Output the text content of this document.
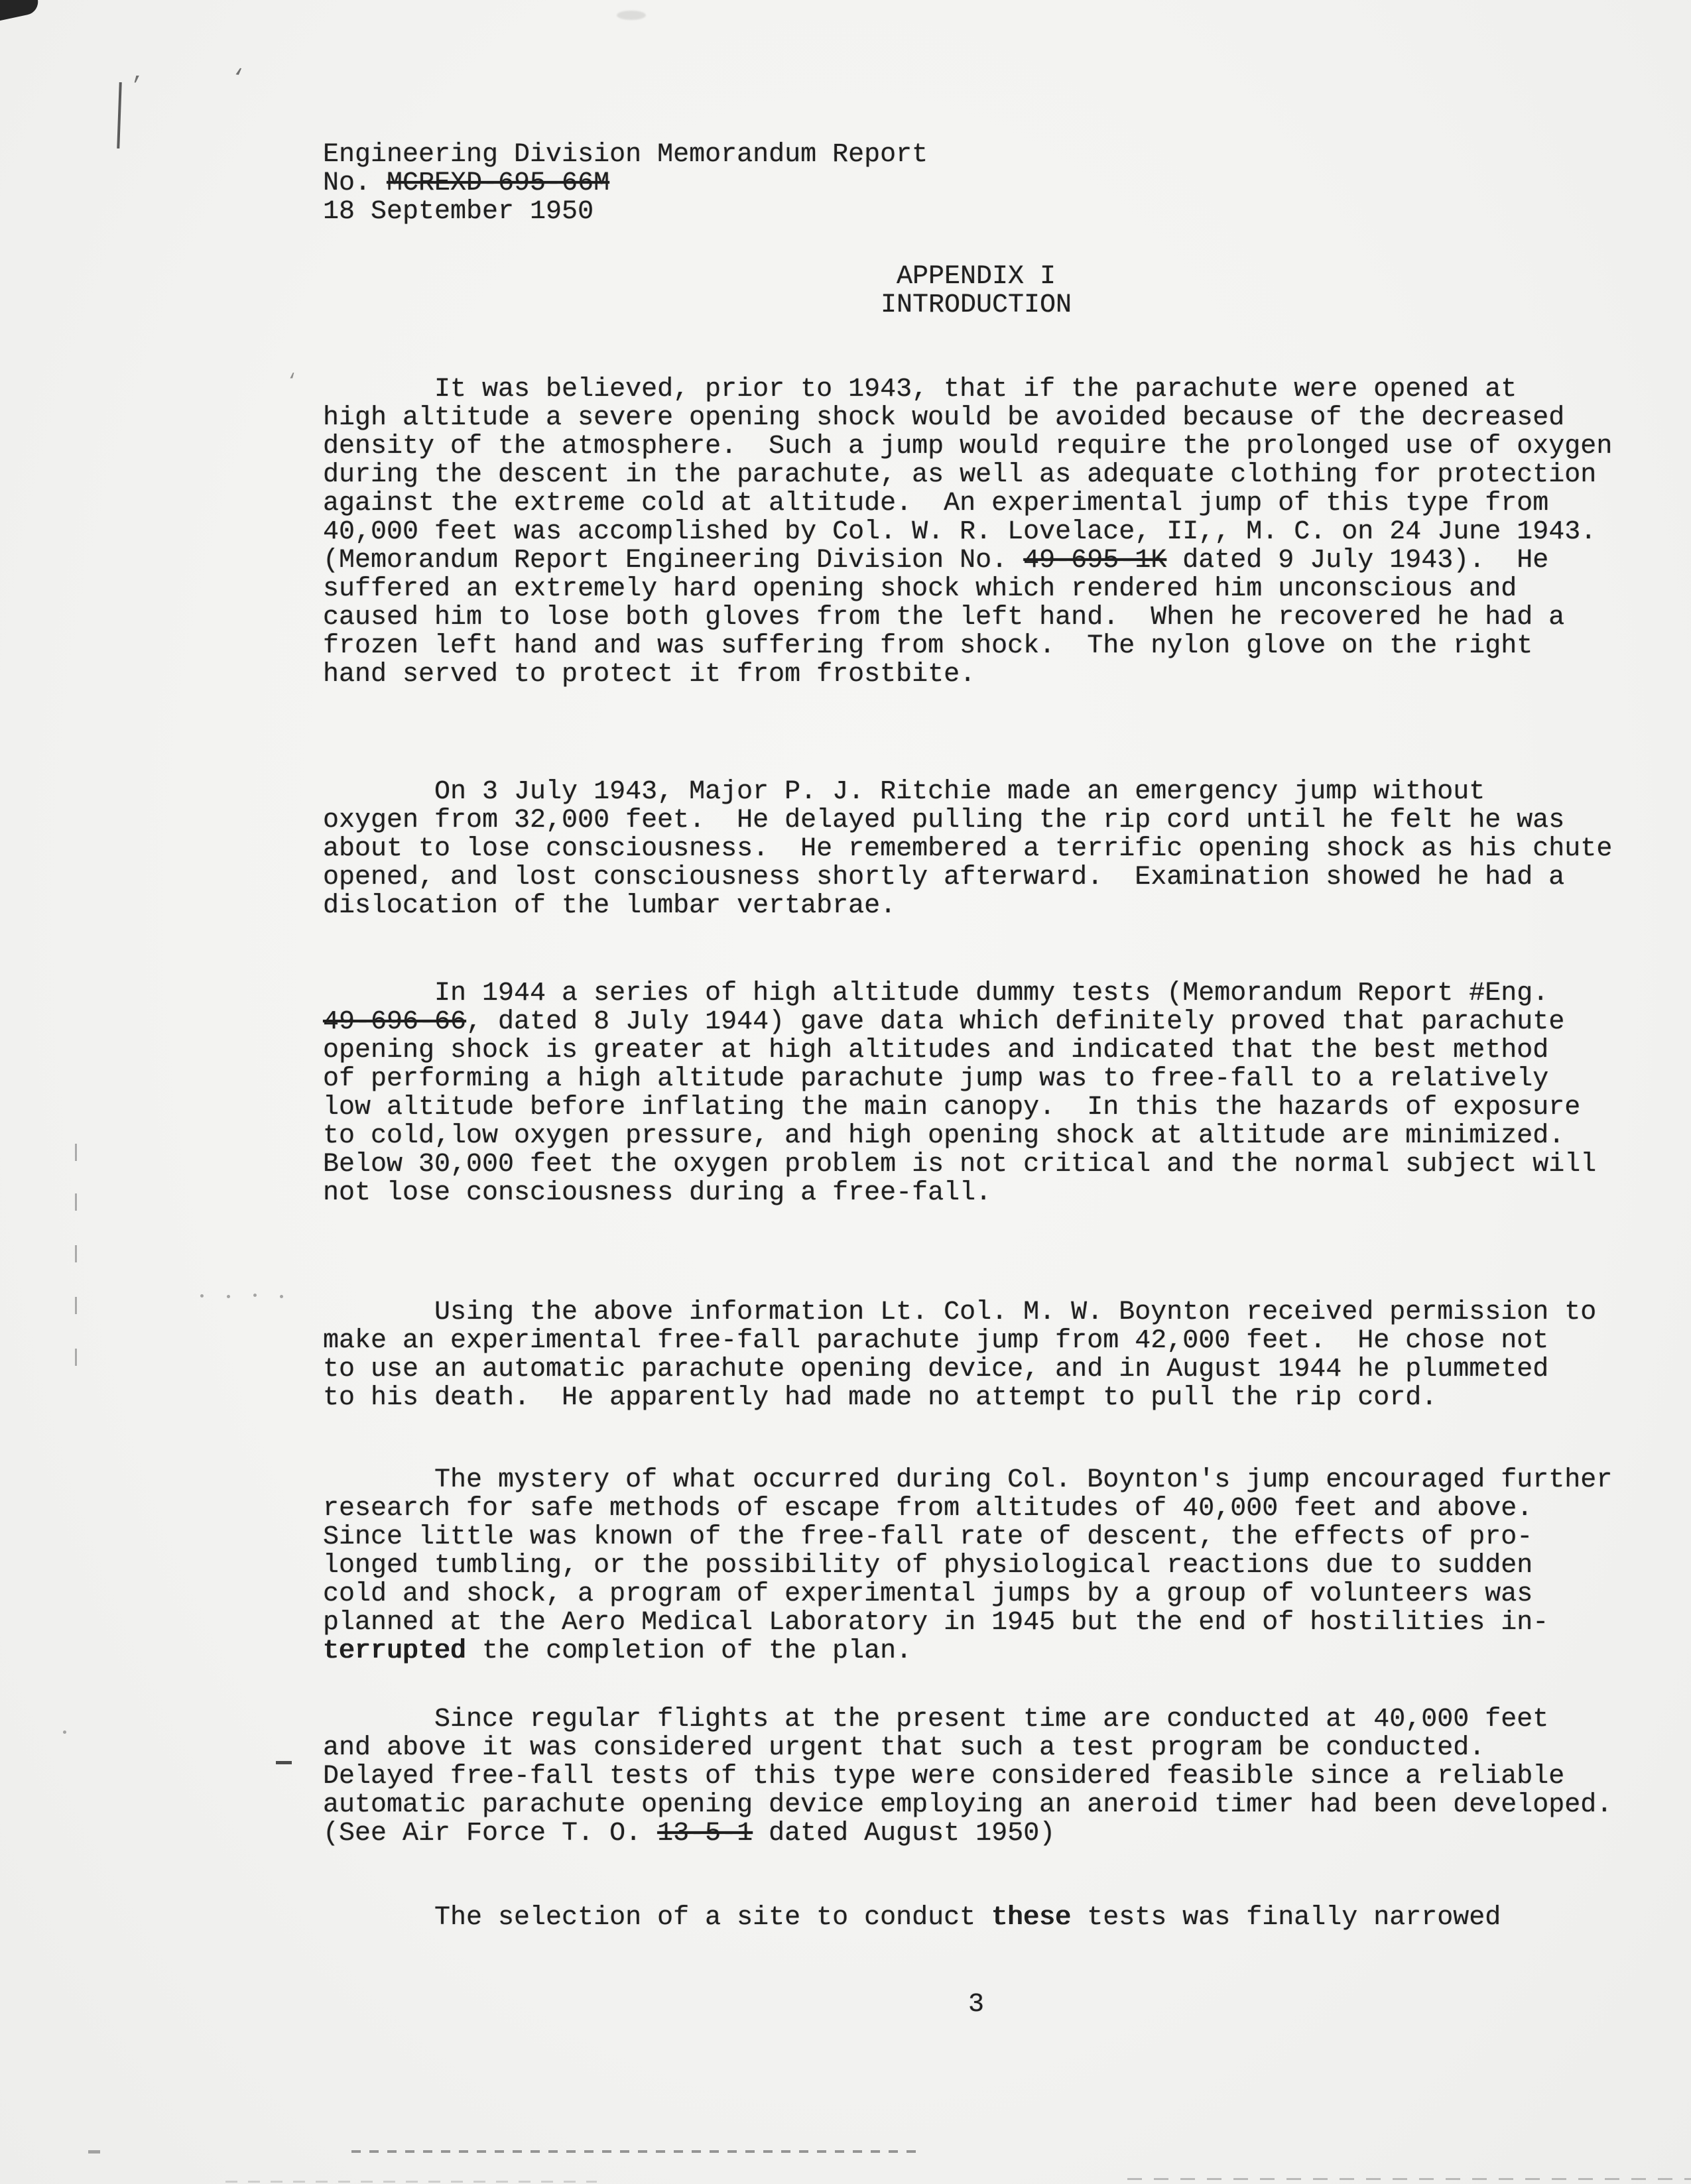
Engineering Division Memorandum Report
No. MCREXD-695-66M
18 September 1950
APPENDIX I
INTRODUCTION
It was believed, prior to 1943, that if the parachute were opened at
high altitude a severe opening shock would be avoided because of the decreased
density of the atmosphere.  Such a jump would require the prolonged use of oxygen
during the descent in the parachute, as well as adequate clothing for protection
against the extreme cold at altitude.  An experimental jump of this type from
40,000 feet was accomplished by Col. W. R. Lovelace, II,, M. C. on 24 June 1943.
(Memorandum Report Engineering Division No. 49-695-1K dated 9 July 1943).  He
suffered an extremely hard opening shock which rendered him unconscious and
caused him to lose both gloves from the left hand.  When he recovered he had a
frozen left hand and was suffering from shock.  The nylon glove on the right
hand served to protect it from frostbite.
On 3 July 1943, Major P. J. Ritchie made an emergency jump without
oxygen from 32,000 feet.  He delayed pulling the rip cord until he felt he was
about to lose consciousness.  He remembered a terrific opening shock as his chute
opened, and lost consciousness shortly afterward.  Examination showed he had a
dislocation of the lumbar vertabrae.
In 1944 a series of high altitude dummy tests (Memorandum Report #Eng.
49-696-66, dated 8 July 1944) gave data which definitely proved that parachute
opening shock is greater at high altitudes and indicated that the best method
of performing a high altitude parachute jump was to free-fall to a relatively
low altitude before inflating the main canopy.  In this the hazards of exposure
to cold,low oxygen pressure, and high opening shock at altitude are minimized.
Below 30,000 feet the oxygen problem is not critical and the normal subject will
not lose consciousness during a free-fall.
Using the above information Lt. Col. M. W. Boynton received permission to
make an experimental free-fall parachute jump from 42,000 feet.  He chose not
to use an automatic parachute opening device, and in August 1944 he plummeted
to his death.  He apparently had made no attempt to pull the rip cord.
The mystery of what occurred during Col. Boynton's jump encouraged further
research for safe methods of escape from altitudes of 40,000 feet and above.
Since little was known of the free-fall rate of descent, the effects of pro-
longed tumbling, or the possibility of physiological reactions due to sudden
cold and shock, a program of experimental jumps by a group of volunteers was
planned at the Aero Medical Laboratory in 1945 but the end of hostilities in-
terrupted the completion of the plan.
Since regular flights at the present time are conducted at 40,000 feet
and above it was considered urgent that such a test program be conducted.
Delayed free-fall tests of this type were considered feasible since a reliable
automatic parachute opening device employing an aneroid timer had been developed.
(See Air Force T. O. 13-5-1 dated August 1950)
The selection of a site to conduct these tests was finally narrowed
3
’	‘
‘
